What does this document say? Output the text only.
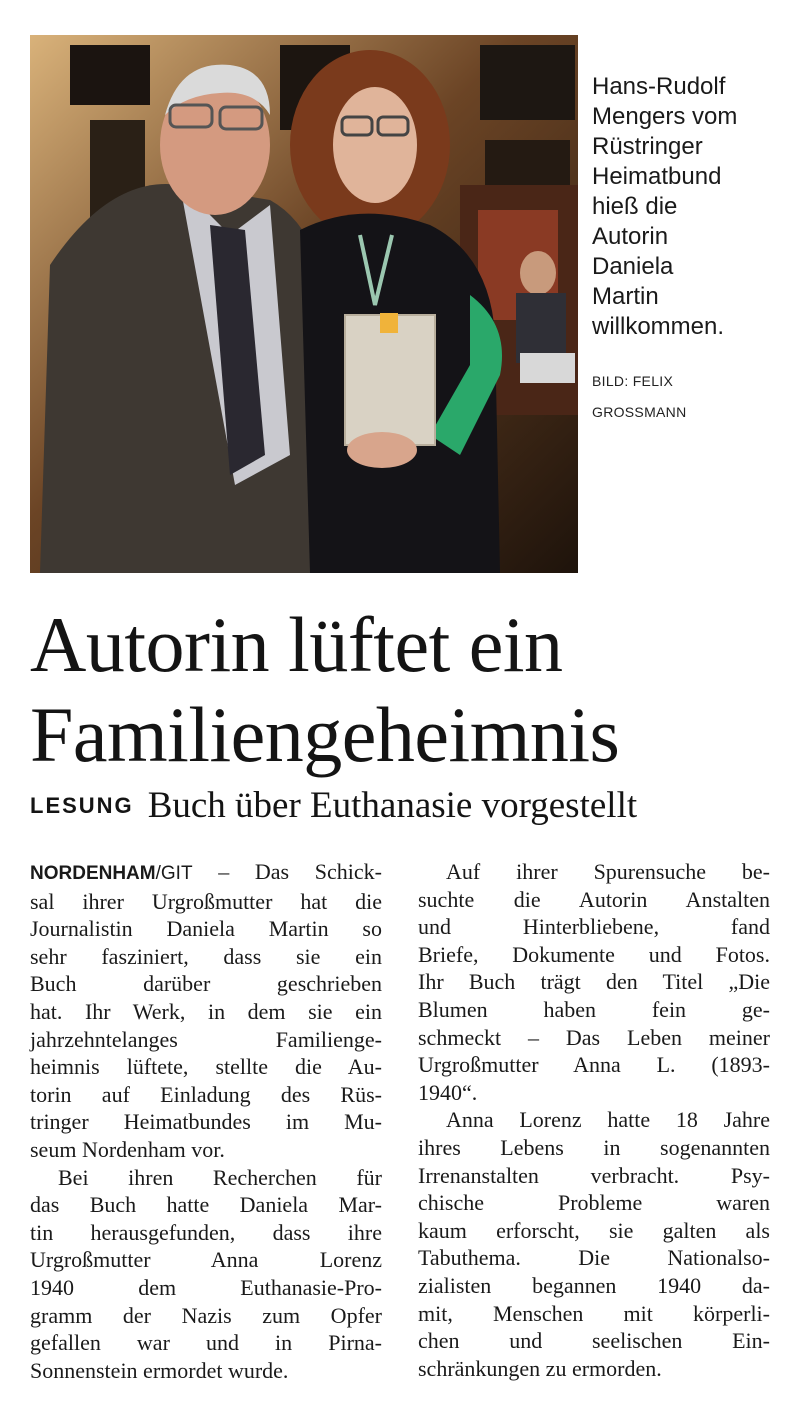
Hans-Rudolf
Mengers vom
Rüstringer
Heimatbund
hieß die
Autorin
Daniela
Martin
willkommen.
BILD: FELIX
GROSSMANN
Autorin lüftet ein
Familiengeheimnis
LESUNG Buch über Euthanasie vorgestellt
NORDENHAM/GIT – Das Schick-
sal ihrer Urgroßmutter hat die
Journalistin Daniela Martin so
sehr fasziniert, dass sie ein
Buch darüber geschrieben
hat. Ihr Werk, in dem sie ein
jahrzehntelanges Familienge-
heimnis lüftete, stellte die Au-
torin auf Einladung des Rüs-
tringer Heimatbundes im Mu-
seum Nordenham vor.
Bei ihren Recherchen für
das Buch hatte Daniela Mar-
tin herausgefunden, dass ihre
Urgroßmutter Anna Lorenz
1940 dem Euthanasie-Pro-
gramm der Nazis zum Opfer
gefallen war und in Pirna-
Sonnenstein ermordet wurde.
Auf ihrer Spurensuche be-
suchte die Autorin Anstalten
und Hinterbliebene, fand
Briefe, Dokumente und Fotos.
Ihr Buch trägt den Titel „Die
Blumen haben fein ge-
schmeckt – Das Leben meiner
Urgroßmutter Anna L. (1893-
1940“.
Anna Lorenz hatte 18 Jahre
ihres Lebens in sogenannten
Irrenanstalten verbracht. Psy-
chische Probleme waren
kaum erforscht, sie galten als
Tabuthema. Die Nationalso-
zialisten begannen 1940 da-
mit, Menschen mit körperli-
chen und seelischen Ein-
schränkungen zu ermorden.
